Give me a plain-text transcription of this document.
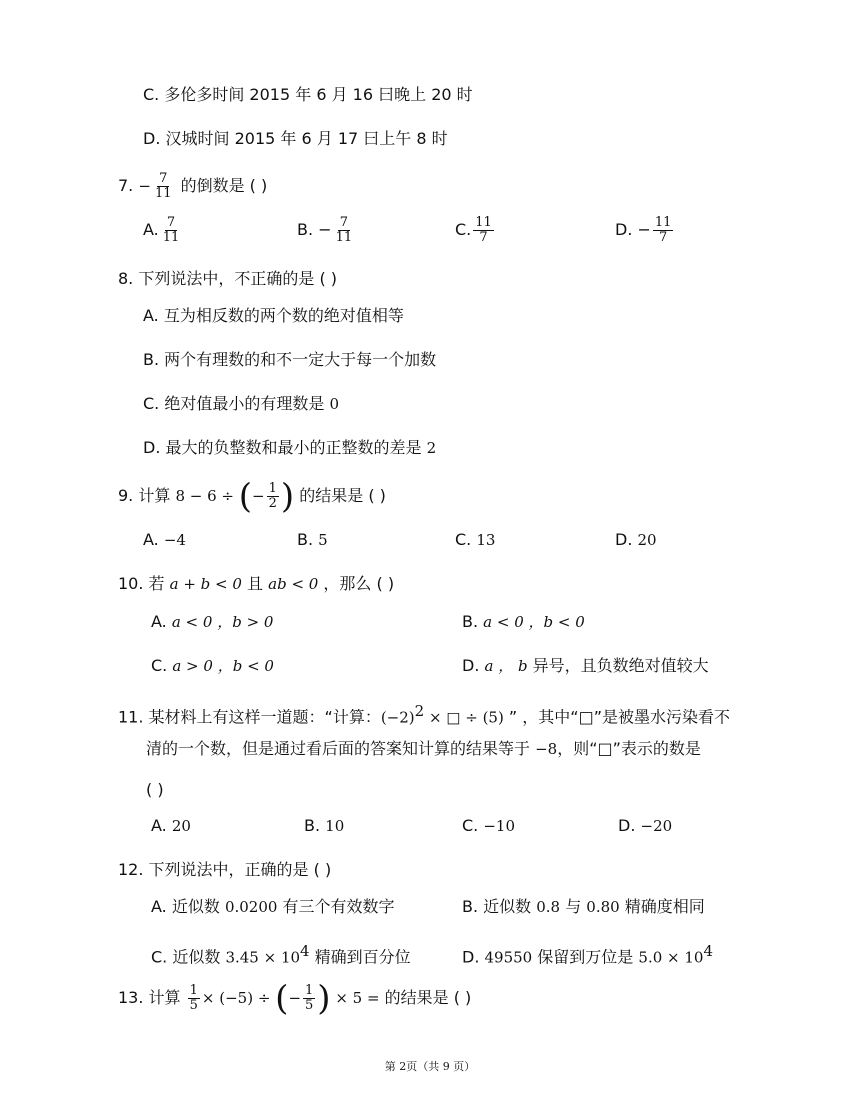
C. 多伦多时间 2015 年 6 月 16 曰晚上 20 时
D. 汉城时间 2015 年 6 月 17 曰上午 8 时
7. − $\frac{7}{11}$ 的倒数是 ( )
A. $\frac{7}{11}$	B. − $\frac{7}{11}$	C. $\frac{11}{7}$	D. − $\frac{11}{7}$
8. 下列说法中，不正确的是 ( )
A. 互为相反数的两个数的绝对值相等
B. 两个有理数的和不一定大于每一个加数
C. 绝对值最小的有理数是 0
D. 最大的负整数和最小的正整数的差是 2
9. 计算 8 − 6 ÷ (− $\frac{1}{2}$ ) 的结果是 ( )
A. −4	B. 5	C. 13	D. 20
10. 若 a + b < 0 且 ab < 0 ，那么 ( )
A. a < 0 ，b > 0	B. a < 0 ，b < 0
C. a > 0 ，b < 0	D. a ， b 异号，且负数绝对值较大
11. 某材料上有这样一道题：“计算：$(-2)^2$ × □ ÷ (5) ” ，其中“□”是被墨水污染看不
清的一个数，但是通过看后面的答案知计算的结果等于 −8，则“□”表示的数是
( )
A. 20	B. 10	C. −10	D. −20
12. 下列说法中，正确的是 ( )
A. 近似数 0.0200 有三个有效数字	B. 近似数 0.8 与 0.80 精确度相同
C. 近似数 $3.45 \times 10^4$ 精确到百分位	D. 49550 保留到万位是 $5.0 \times 10^4$
13. 计算 $\frac{1}{5} \times (-5)$ ÷ (− $\frac{1}{5}$ ) × 5 = 的结果是 ( )
第 2页（共 9 页）
